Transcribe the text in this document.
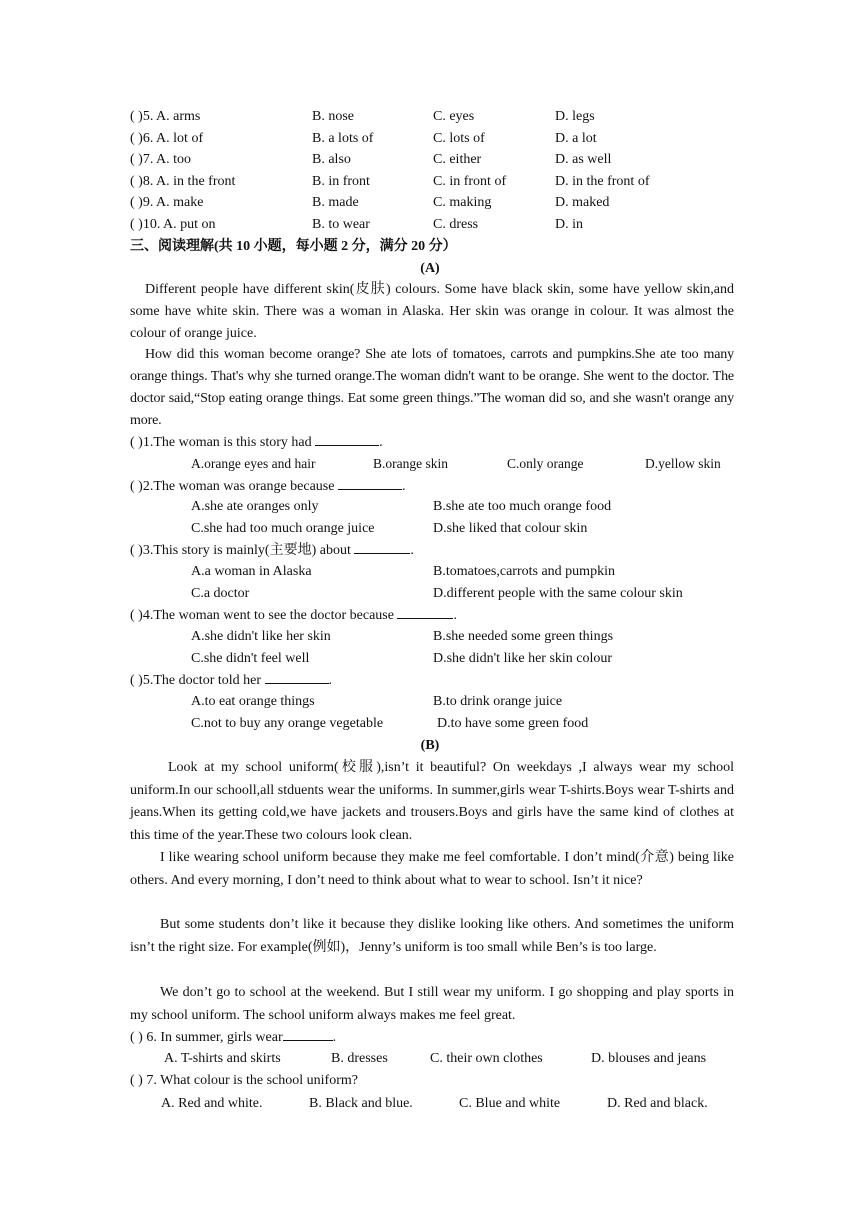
( )5. A. arms	B. nose	C. eyes	D. legs
( )6. A. lot of	B. a lots of	C. lots of	D. a lot
( )7. A. too	B. also	C. either	D. as well
( )8. A. in the front	B. in front	C. in front of	D. in the front of
( )9. A. make	B. made	C. making	D. maked
( )10. A. put on	B. to wear	C. dress	D. in
三、阅读理解(共 10 小题，每小题 2 分，满分 20 分）
(A)
Different people have different skin(皮肤) colours. Some have black skin, some have yellow skin,and some have white skin. There was a woman in Alaska. Her skin was orange in colour. It was almost the colour of orange juice.
How did this woman become orange? She ate lots of tomatoes, carrots and pumpkins.She ate too many orange things. That's why she turned orange.The woman didn't want to be orange. She went to the doctor. The doctor said,“Stop eating orange things. Eat some green things.”The woman did so, and she wasn't orange any more.
( )1.The woman is this story had	.
A.orange eyes and hair	B.orange skin	C.only orange	D.yellow skin
( )2.The woman was orange because	.
A.she ate oranges only	B.she ate too much orange food
C.she had too much orange juice	D.she liked that colour skin
( )3.This story is mainly(主要地) about	.
A.a woman in Alaska	B.tomatoes,carrots and pumpkin
C.a doctor	D.different people with the same colour skin
( )4.The woman went to see the doctor because	.
A.she didn't like her skin	B.she needed some green things
C.she didn't feel well	D.she didn't like her skin colour
( )5.The doctor told her	.
A.to eat orange things	B.to drink orange juice
C.not to buy any orange vegetable	D.to have some green food
(B)
Look at my school uniform(校服),isn’t it beautiful? On weekdays ,I always wear my school uniform.In our schooll,all stduents wear the uniforms. In summer,girls wear T-shirts.Boys wear T-shirts and jeans.When its getting cold,we have jackets and trousers.Boys and girls have the same kind of clothes at this time of the year.These two colours look clean.
I like wearing school uniform because they make me feel comfortable. I don’t mind(介意) being like others. And every morning, I don’t need to think about what to wear to school. Isn’t it nice?
But some students don’t like it because they dislike looking like others. And sometimes the uniform isn’t the right size. For example(例如)，Jenny’s uniform is too small while Ben’s is too large.
We don’t go to school at the weekend. But I still wear my uniform. I go shopping and play sports in my school uniform. The school uniform always makes me feel great.
( ) 6. In summer, girls wear	.
A. T-shirts and skirts	B. dresses	C. their own clothes	D. blouses and jeans
( ) 7. What colour is the school uniform?
A. Red and white.	B. Black and blue.	C. Blue and white	D. Red and black.
